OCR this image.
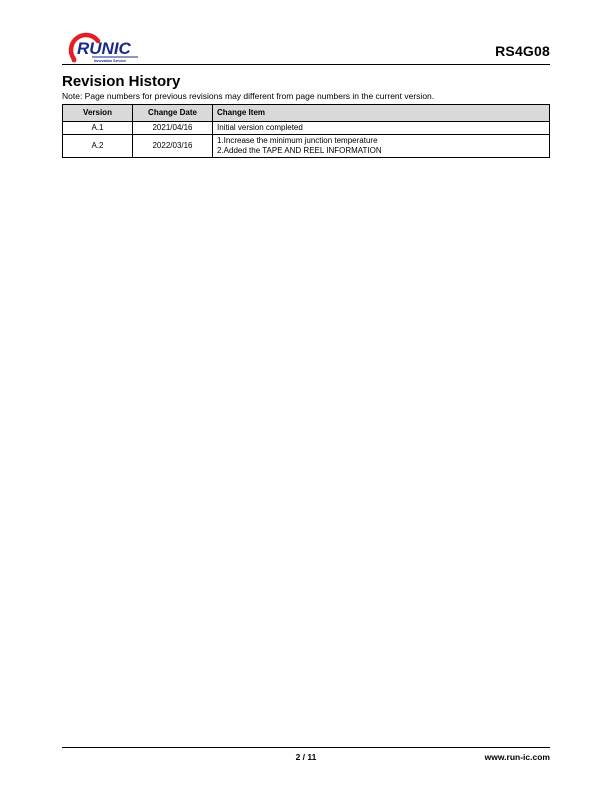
RUNIC
Innovation Service
RS4G08
Revision History
Note: Page numbers for previous revisions may different from page numbers in the current version.
Version	Change Date	Change Item
A.1	2021/04/16	Initial version completed

A.2	2022/03/16	1.Increase the minimum junction temperature
2.Added the TAPE AND REEL INFORMATION
2 / 11	www.run-ic.com
